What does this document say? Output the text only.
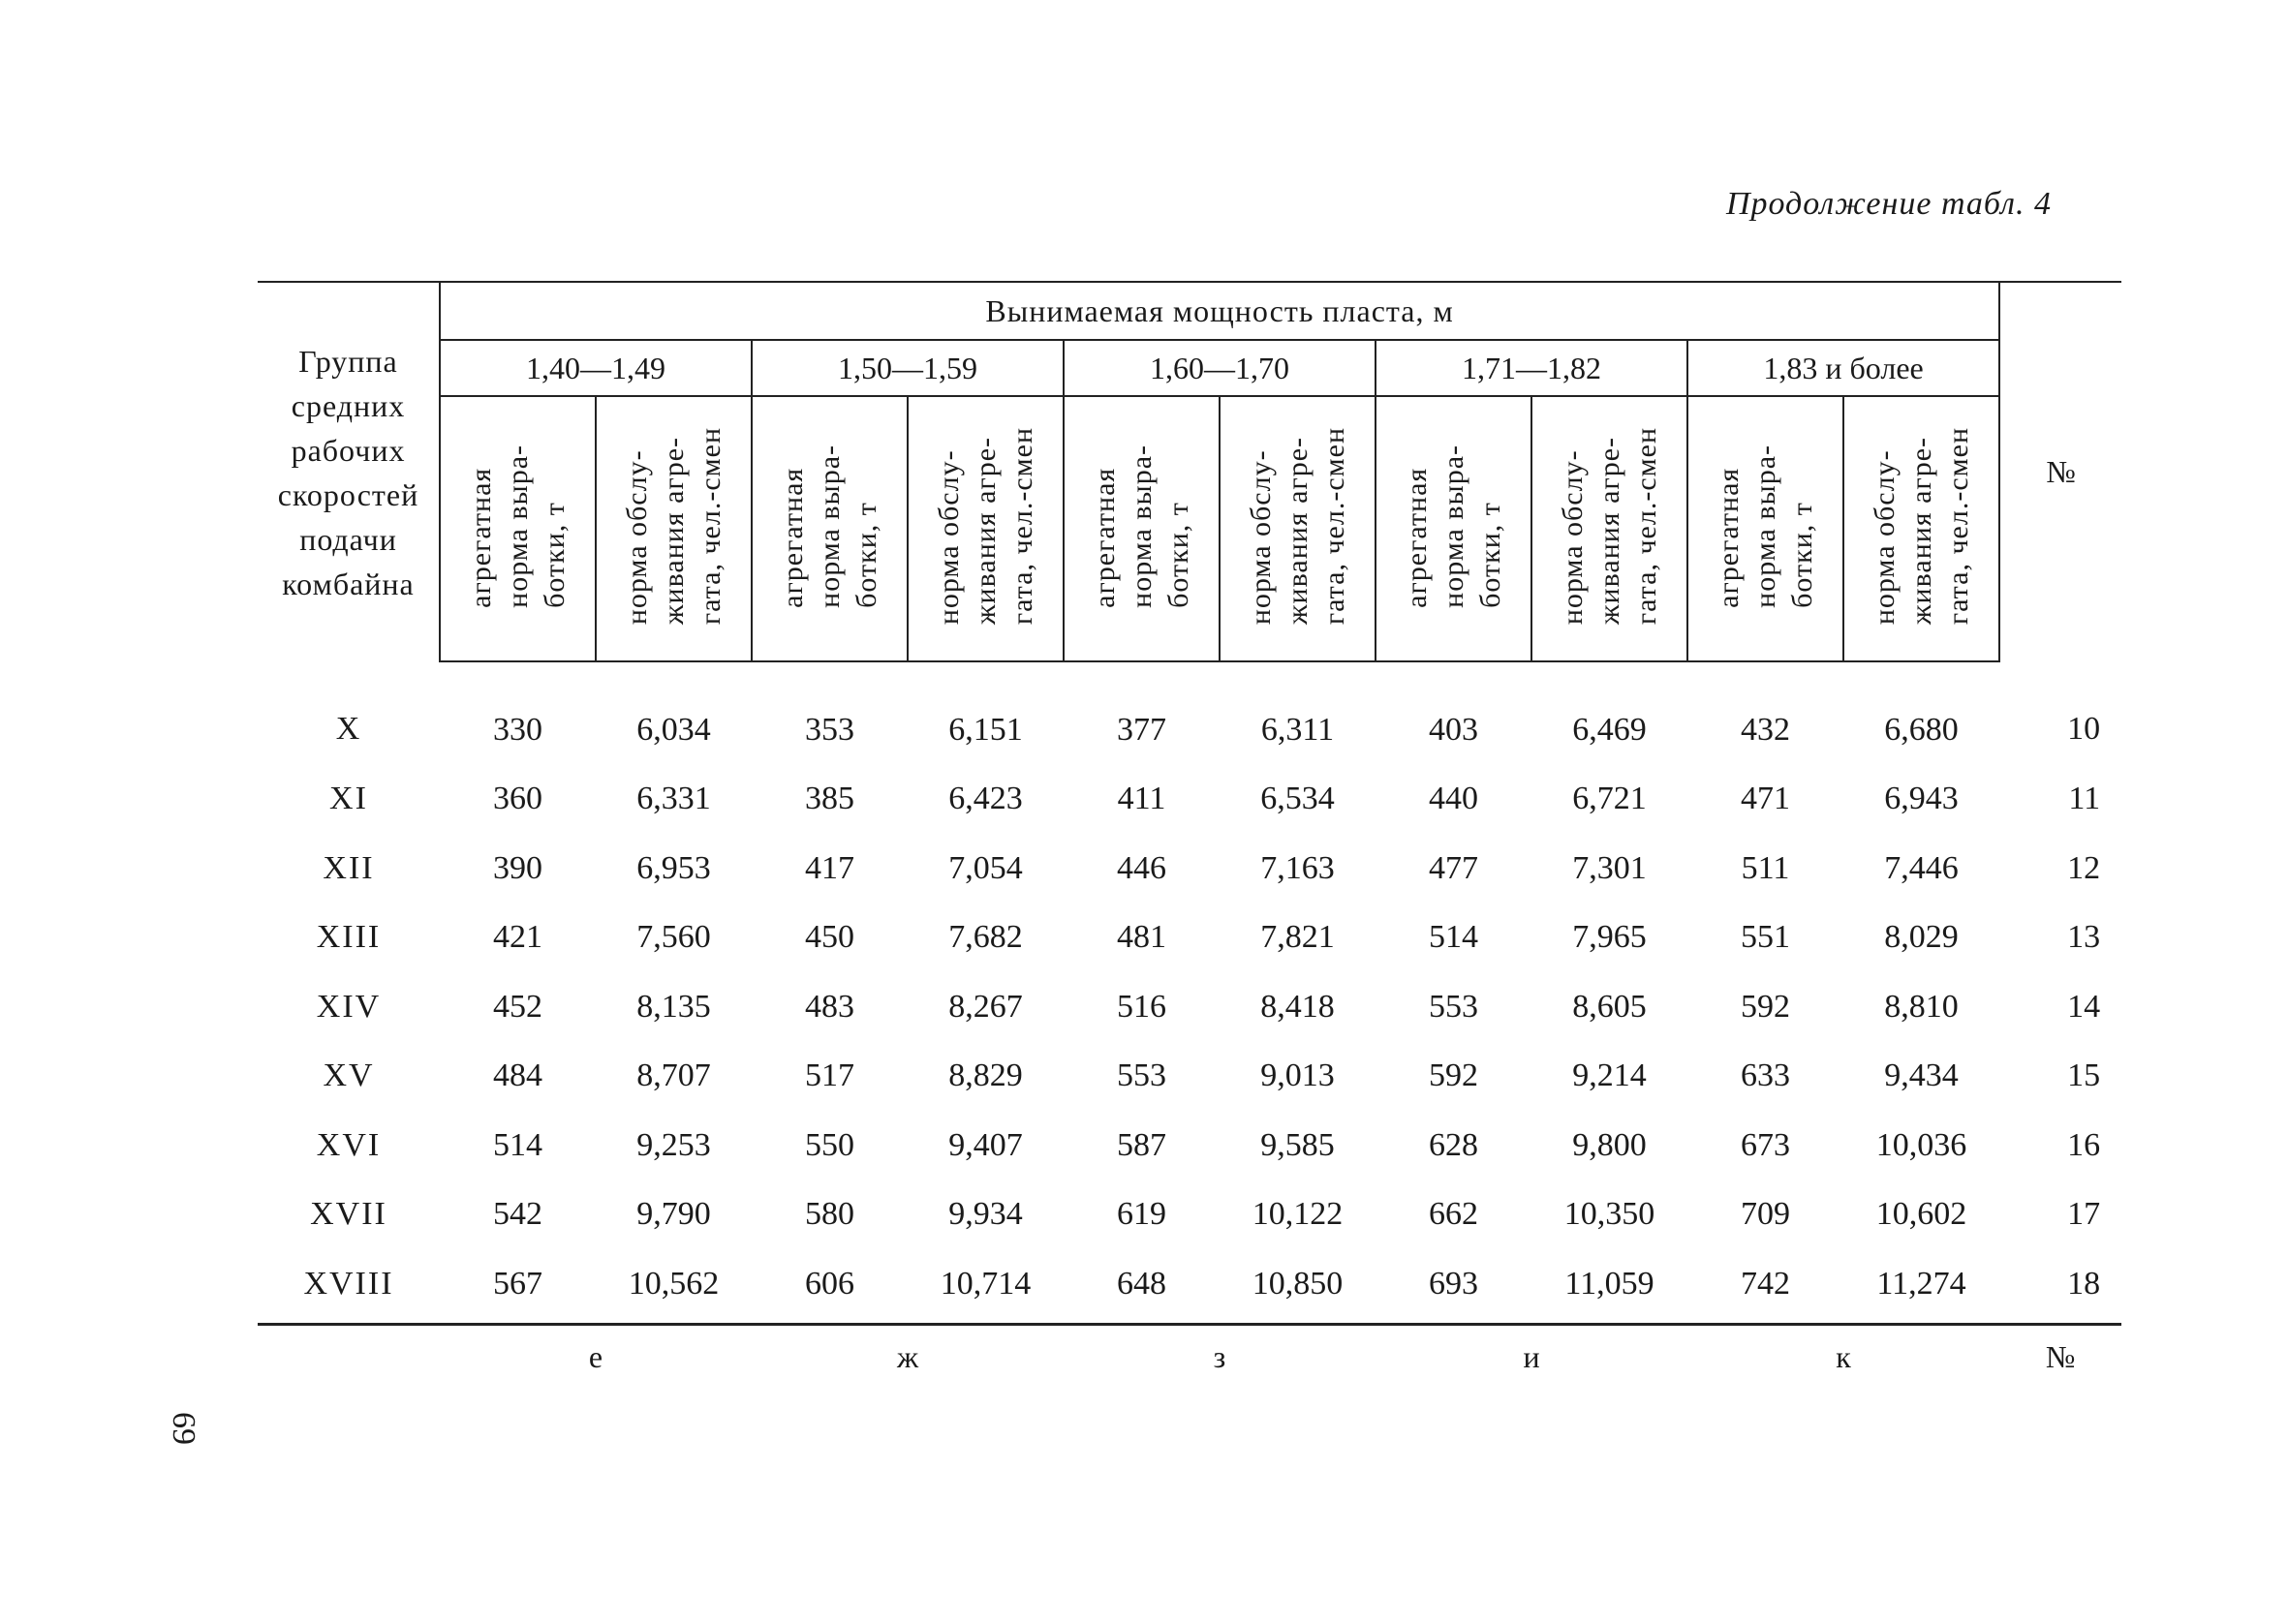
Продолжение табл. 4
Группа средних рабочих скоростей подачи комбайна	Вынимаемая мощность пласта, м										№
	1,40—1,49		1,50—1,59		1,60—1,70		1,71—1,82		1,83 и более		
	агрегатная
норма выра-
ботки, т	норма обслу-
живания агре-
гата, чел.-смен	агрегатная
норма выра-
ботки, т	норма обслу-
живания агре-
гата, чел.-смен	агрегатная
норма выра-
ботки, т	норма обслу-
живания агре-
гата, чел.-смен	агрегатная
норма выра-
ботки, т	норма обслу-
живания агре-
гата, чел.-смен	агрегатная
норма выра-
ботки, т	норма обслу-
живания агре-
гата, чел.-смен	
X	330	6,034	353	6,151	377	6,311	403	6,469	432	6,680	10
XI	360	6,331	385	6,423	411	6,534	440	6,721	471	6,943	11
XII	390	6,953	417	7,054	446	7,163	477	7,301	511	7,446	12
XIII	421	7,560	450	7,682	481	7,821	514	7,965	551	8,029	13
XIV	452	8,135	483	8,267	516	8,418	553	8,605	592	8,810	14
XV	484	8,707	517	8,829	553	9,013	592	9,214	633	9,434	15
XVI	514	9,253	550	9,407	587	9,585	628	9,800	673	10,036	16
XVII	542	9,790	580	9,934	619	10,122	662	10,350	709	10,602	17
XVIII	567	10,562	606	10,714	648	10,850	693	11,059	742	11,274	18
	е		ж		з		и		к		№
69
